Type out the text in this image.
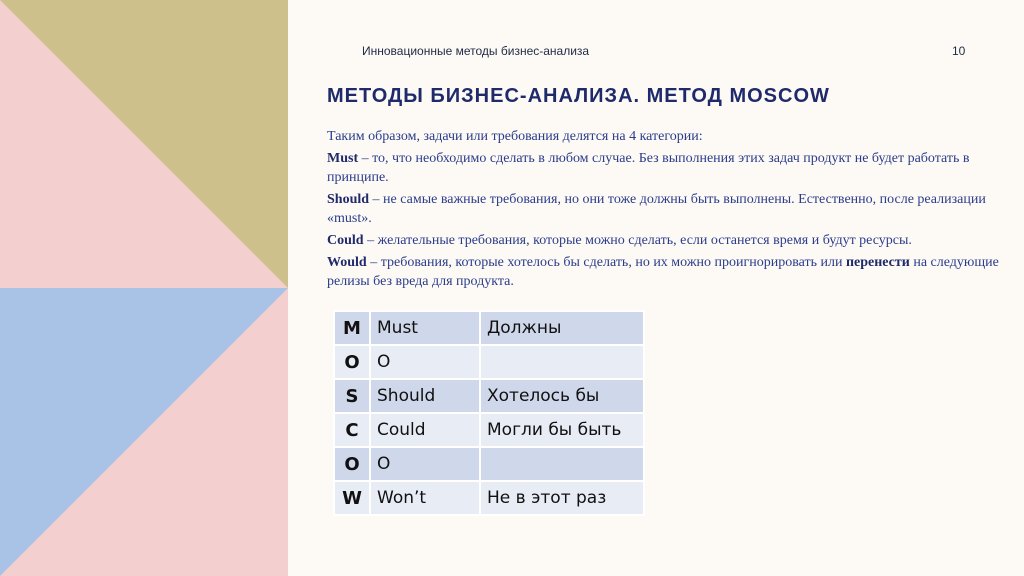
Инновационные методы бизнес-анализа	10
МЕТОДЫ БИЗНЕС-АНАЛИЗА. МЕТОД MOSCOW

Таким образом, задачи или требования делятся на 4 категории:

Must – то, что необходимо сделать в любом случае. Без выполнения этих задач продукт не будет работать в принципе.

Should – не самые важные требования, но они тоже должны быть выполнены. Естественно, после реализации «must».

Could – желательные требования, которые можно сделать, если останется время и будут ресурсы.

Would – требования, которые хотелось бы сделать, но их можно проигнорировать или перенести на следующие релизы без вреда для продукта.

M	Must	Должны
O	O	
S	Should	Хотелось бы
C	Could	Могли бы быть
O	O	
W	Won’t	Не в этот раз
